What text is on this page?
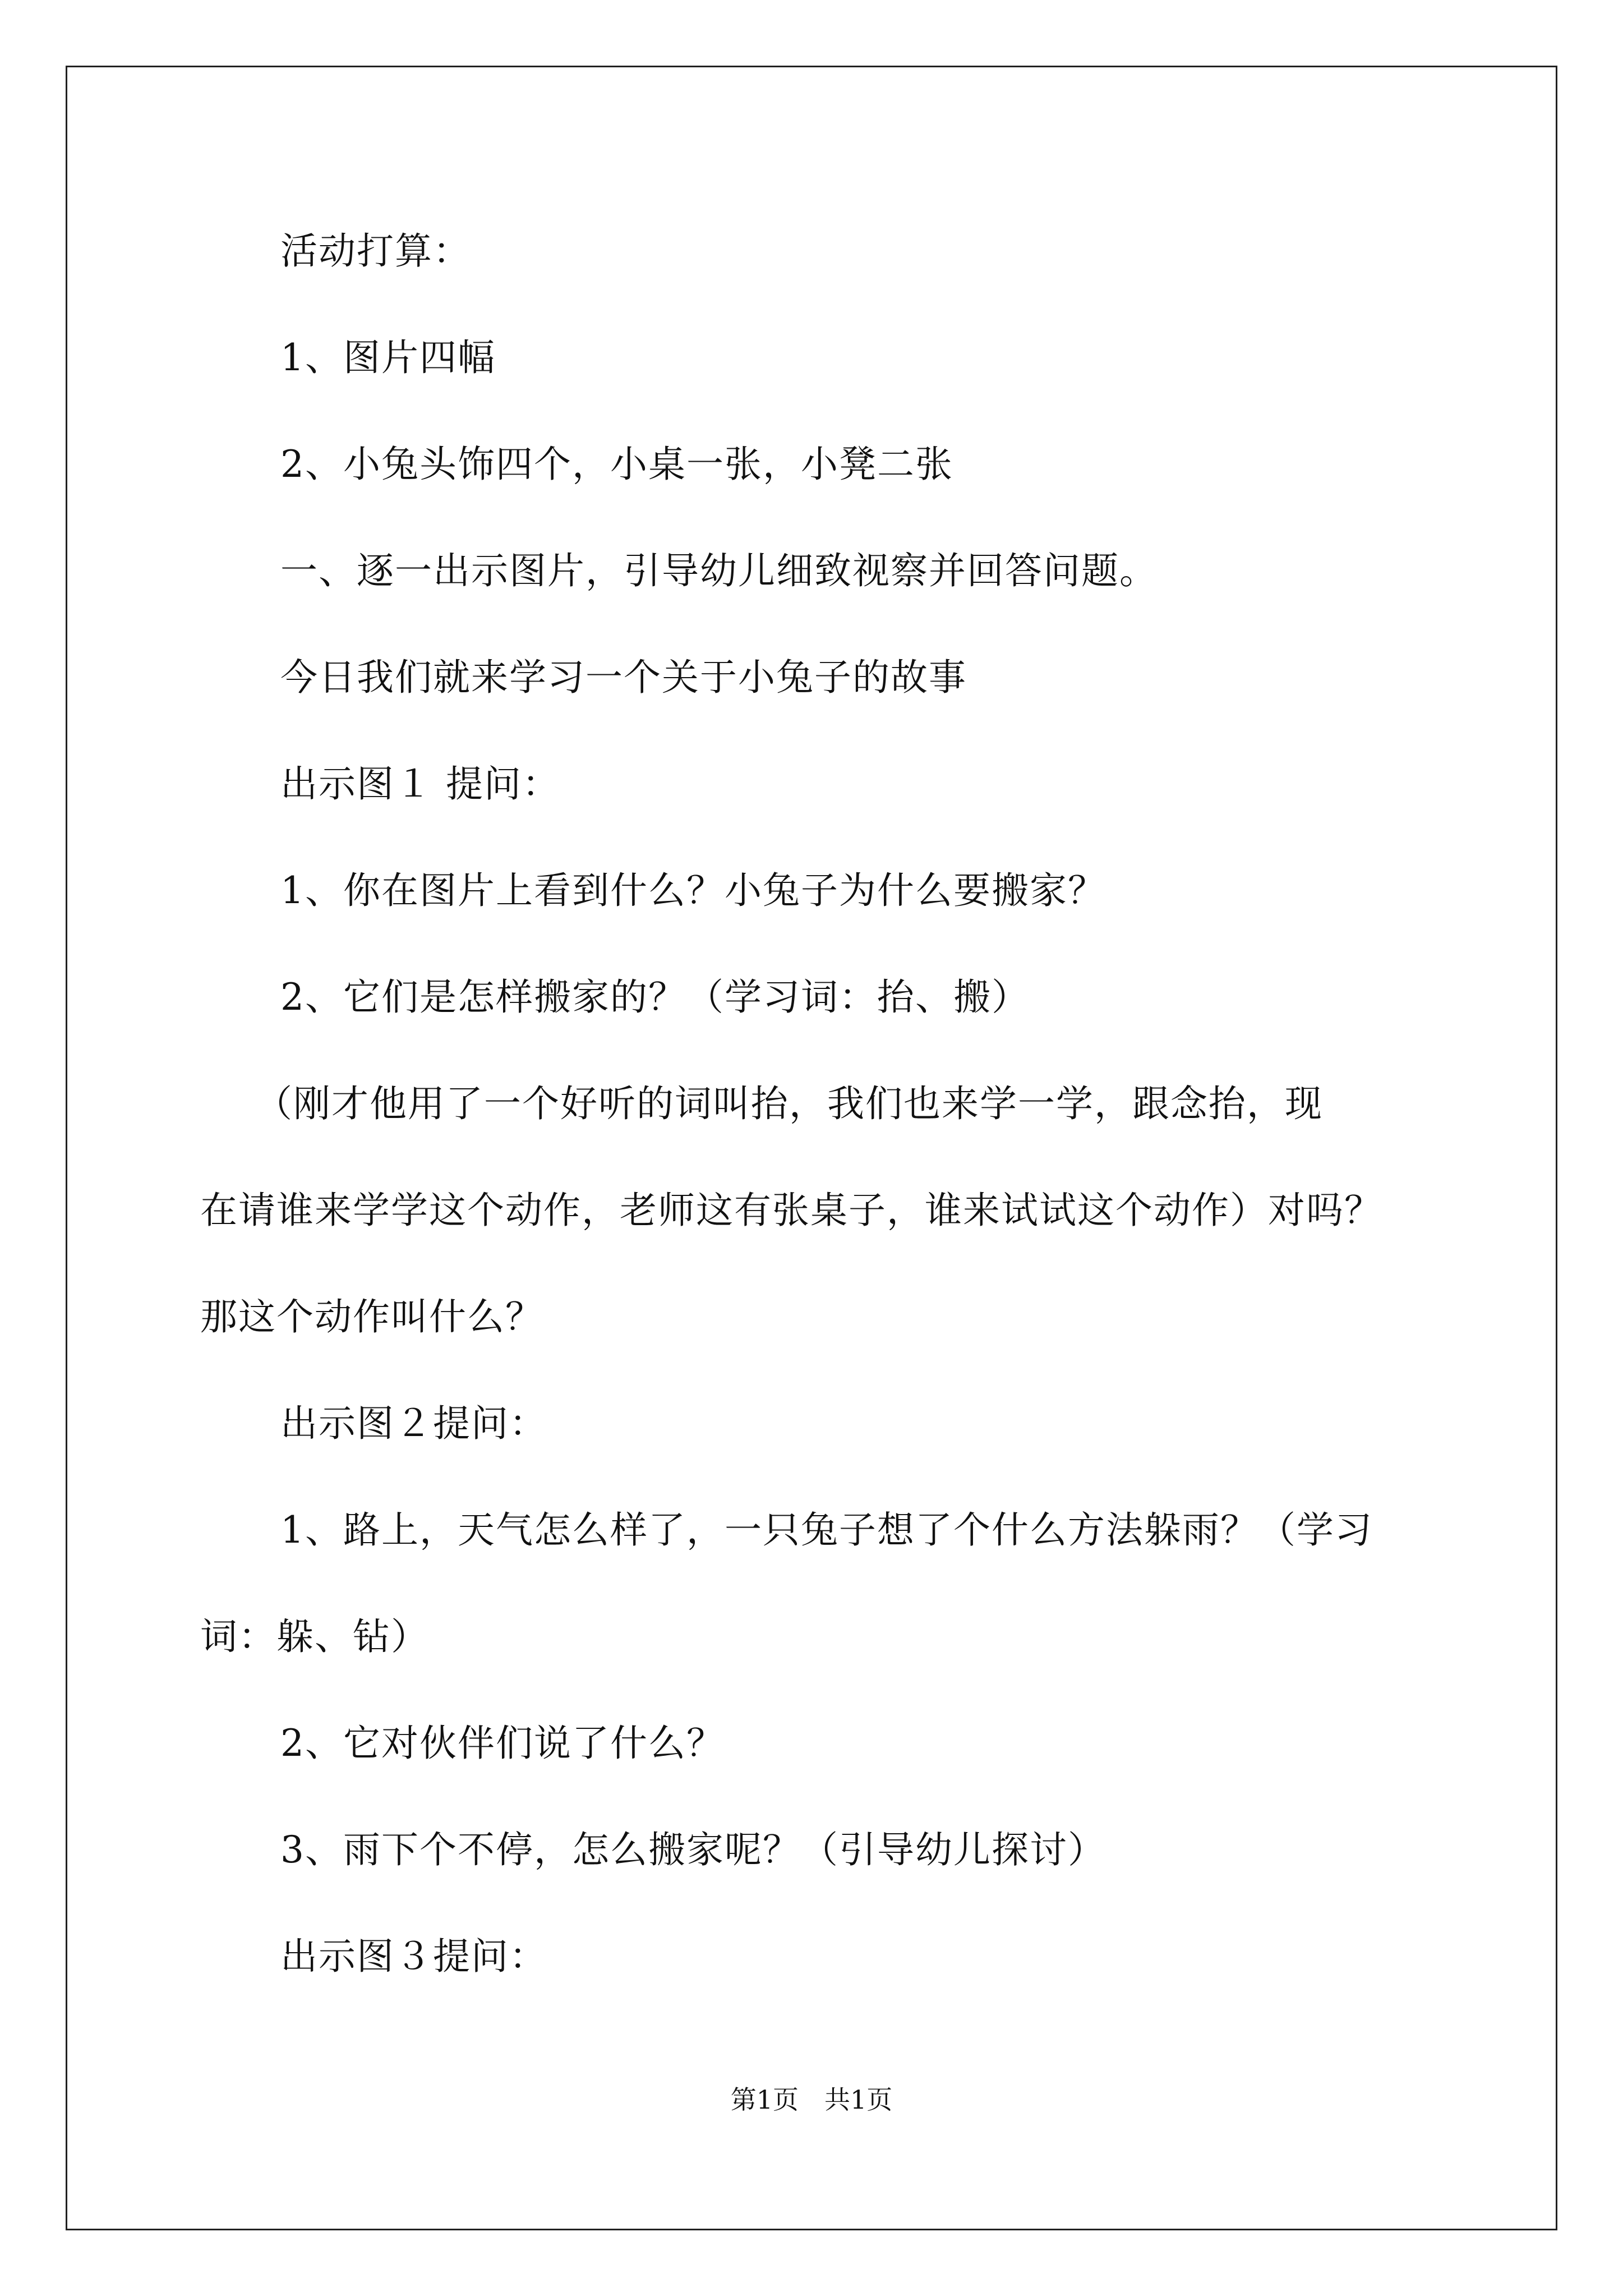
活动打算：

1、图片四幅

2、小兔头饰四个，小桌一张，小凳二张

一、逐一出示图片，引导幼儿细致视察并回答问题。

今日我们就来学习一个关于小兔子的故事

出示图１ 提问：

1、你在图片上看到什么？小兔子为什么要搬家？

2、它们是怎样搬家的？（学习词：抬、搬）

（刚才他用了一个好听的词叫抬，我们也来学一学，跟念抬，现

在请谁来学学这个动作，老师这有张桌子，谁来试试这个动作）对吗？

那这个动作叫什么？

出示图２提问：

1、路上，天气怎么样了，一只兔子想了个什么方法躲雨？（学习

词：躲、钻）

2、它对伙伴们说了什么？

3、雨下个不停，怎么搬家呢？（引导幼儿探讨）

出示图３提问：

第1页　共1页
